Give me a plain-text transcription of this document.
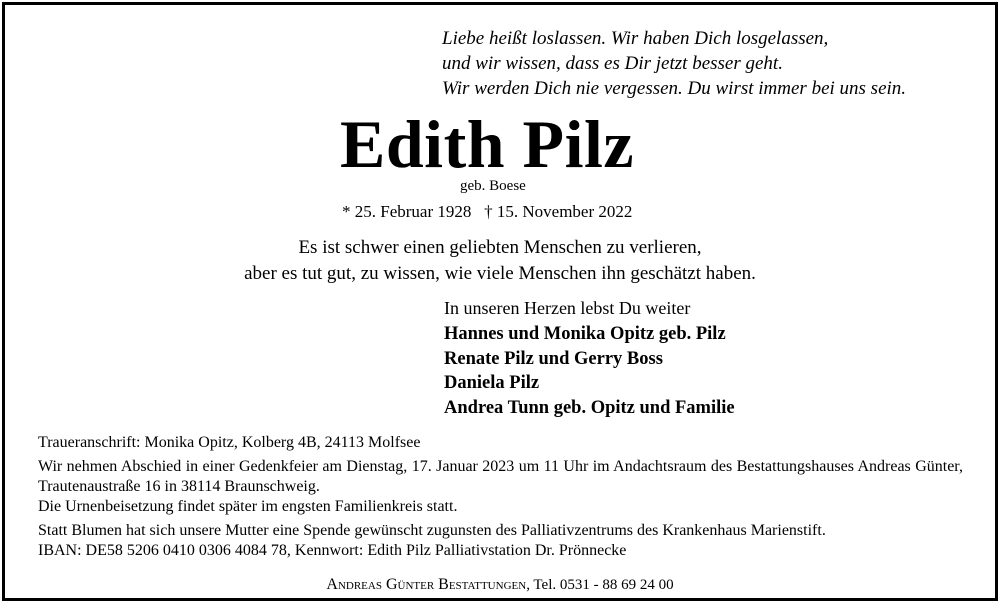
Liebe heißt loslassen. Wir haben Dich losgelassen,
und wir wissen, dass es Dir jetzt besser geht.
Wir werden Dich nie vergessen. Du wirst immer bei uns sein.
Edith Pilz
geb. Boese
* 25. Februar 1928   † 15. November 2022
Es ist schwer einen geliebten Menschen zu verlieren,
aber es tut gut, zu wissen, wie viele Menschen ihn geschätzt haben.
In unseren Herzen lebst Du weiter
Hannes und Monika Opitz geb. Pilz
Renate Pilz und Gerry Boss
Daniela Pilz
Andrea Tunn geb. Opitz und Familie

Traueranschrift: Monika Opitz, Kolberg 4B, 24113 Molfsee

Wir nehmen Abschied in einer Gedenkfeier am Dienstag, 17. Januar 2023 um 11 Uhr im Andachtsraum des Bestattungshauses Andreas Günter, Trautenaustraße 16 in 38114 Braunschweig.

Die Urnenbeisetzung findet später im engsten Familienkreis statt.

Statt Blumen hat sich unsere Mutter eine Spende gewünscht zugunsten des Palliativzentrums des Krankenhaus Marienstift.

IBAN: DE58 5206 0410 0306 4084 78, Kennwort: Edith Pilz Palliativstation Dr. Prönnecke

Andreas Günter Bestattungen, Tel. 0531 - 88 69 24 00
